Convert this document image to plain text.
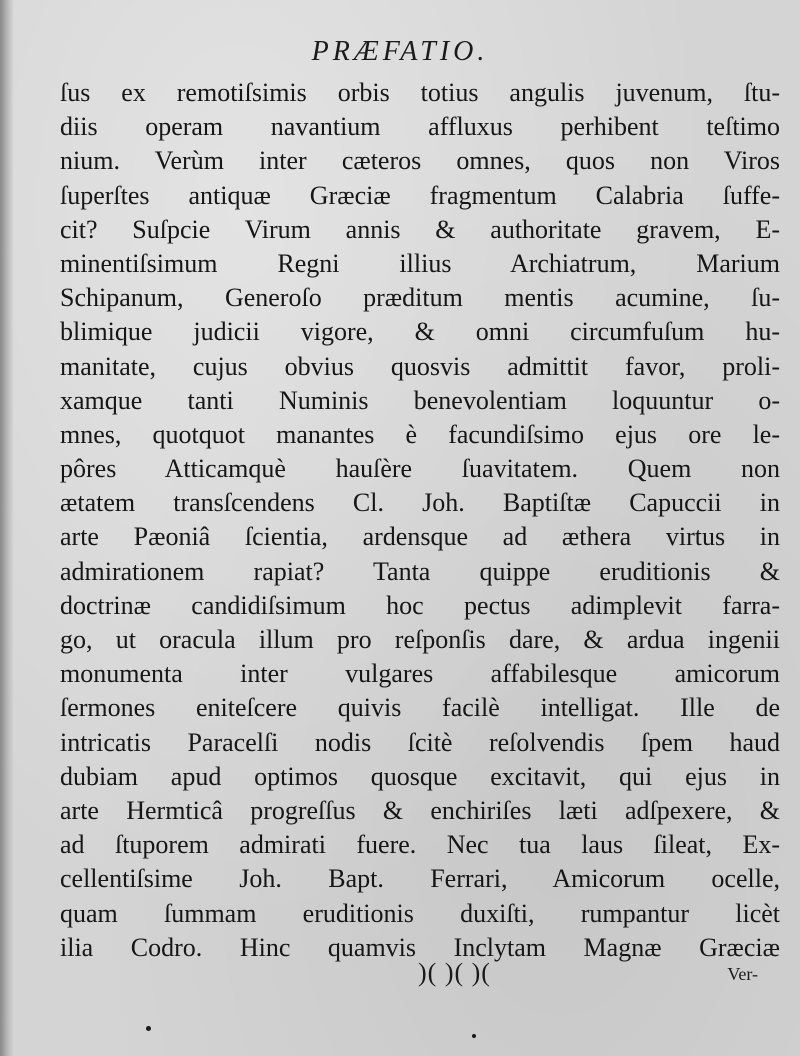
PRÆFATIO.
ſus ex remotiſsimis orbis totius angulis juvenum, ſtu-
diis operam navantium affluxus perhibent teſtimo
nium. Verùm inter cæteros omnes, quos non Viros
ſuperſtes antiquæ Græciæ fragmentum Calabria ſuffe-
cit? Suſpcie Virum annis & authoritate gravem, E-
minentiſsimum Regni illius Archiatrum, Marium
Schipanum, Generoſo præditum mentis acumine, ſu-
blimique judicii vigore, & omni circumfuſum hu-
manitate, cujus obvius quosvis admittit favor, proli-
xamque tanti Numinis benevolentiam loquuntur o-
mnes, quotquot manantes è facundiſsimo ejus ore le-
pôres Atticamquè hauſère ſuavitatem. Quem non
ætatem transſcendens Cl. Joh. Baptiſtæ Capuccii in
arte Pæoniâ ſcientia, ardensque ad æthera virtus in
admirationem rapiat? Tanta quippe eruditionis &
doctrinæ candidiſsimum hoc pectus adimplevit farra-
go, ut oracula illum pro reſponſis dare, & ardua ingenii
monumenta inter vulgares affabilesque amicorum
ſermones eniteſcere quivis facilè intelligat. Ille de
intricatis Paracelſi nodis ſcitè reſolvendis ſpem haud
dubiam apud optimos quosque excitavit, qui ejus in
arte Hermticâ progreſſus & enchiriſes læti adſpexere, &
ad ſtuporem admirati fuere. Nec tua laus ſileat, Ex-
cellentiſsime Joh. Bapt. Ferrari, Amicorum ocelle,
quam ſummam eruditionis duxiſti, rumpantur licèt
ilia Codro. Hinc quamvis Inclytam Magnæ Græciæ
)( )( )(	Ver-
